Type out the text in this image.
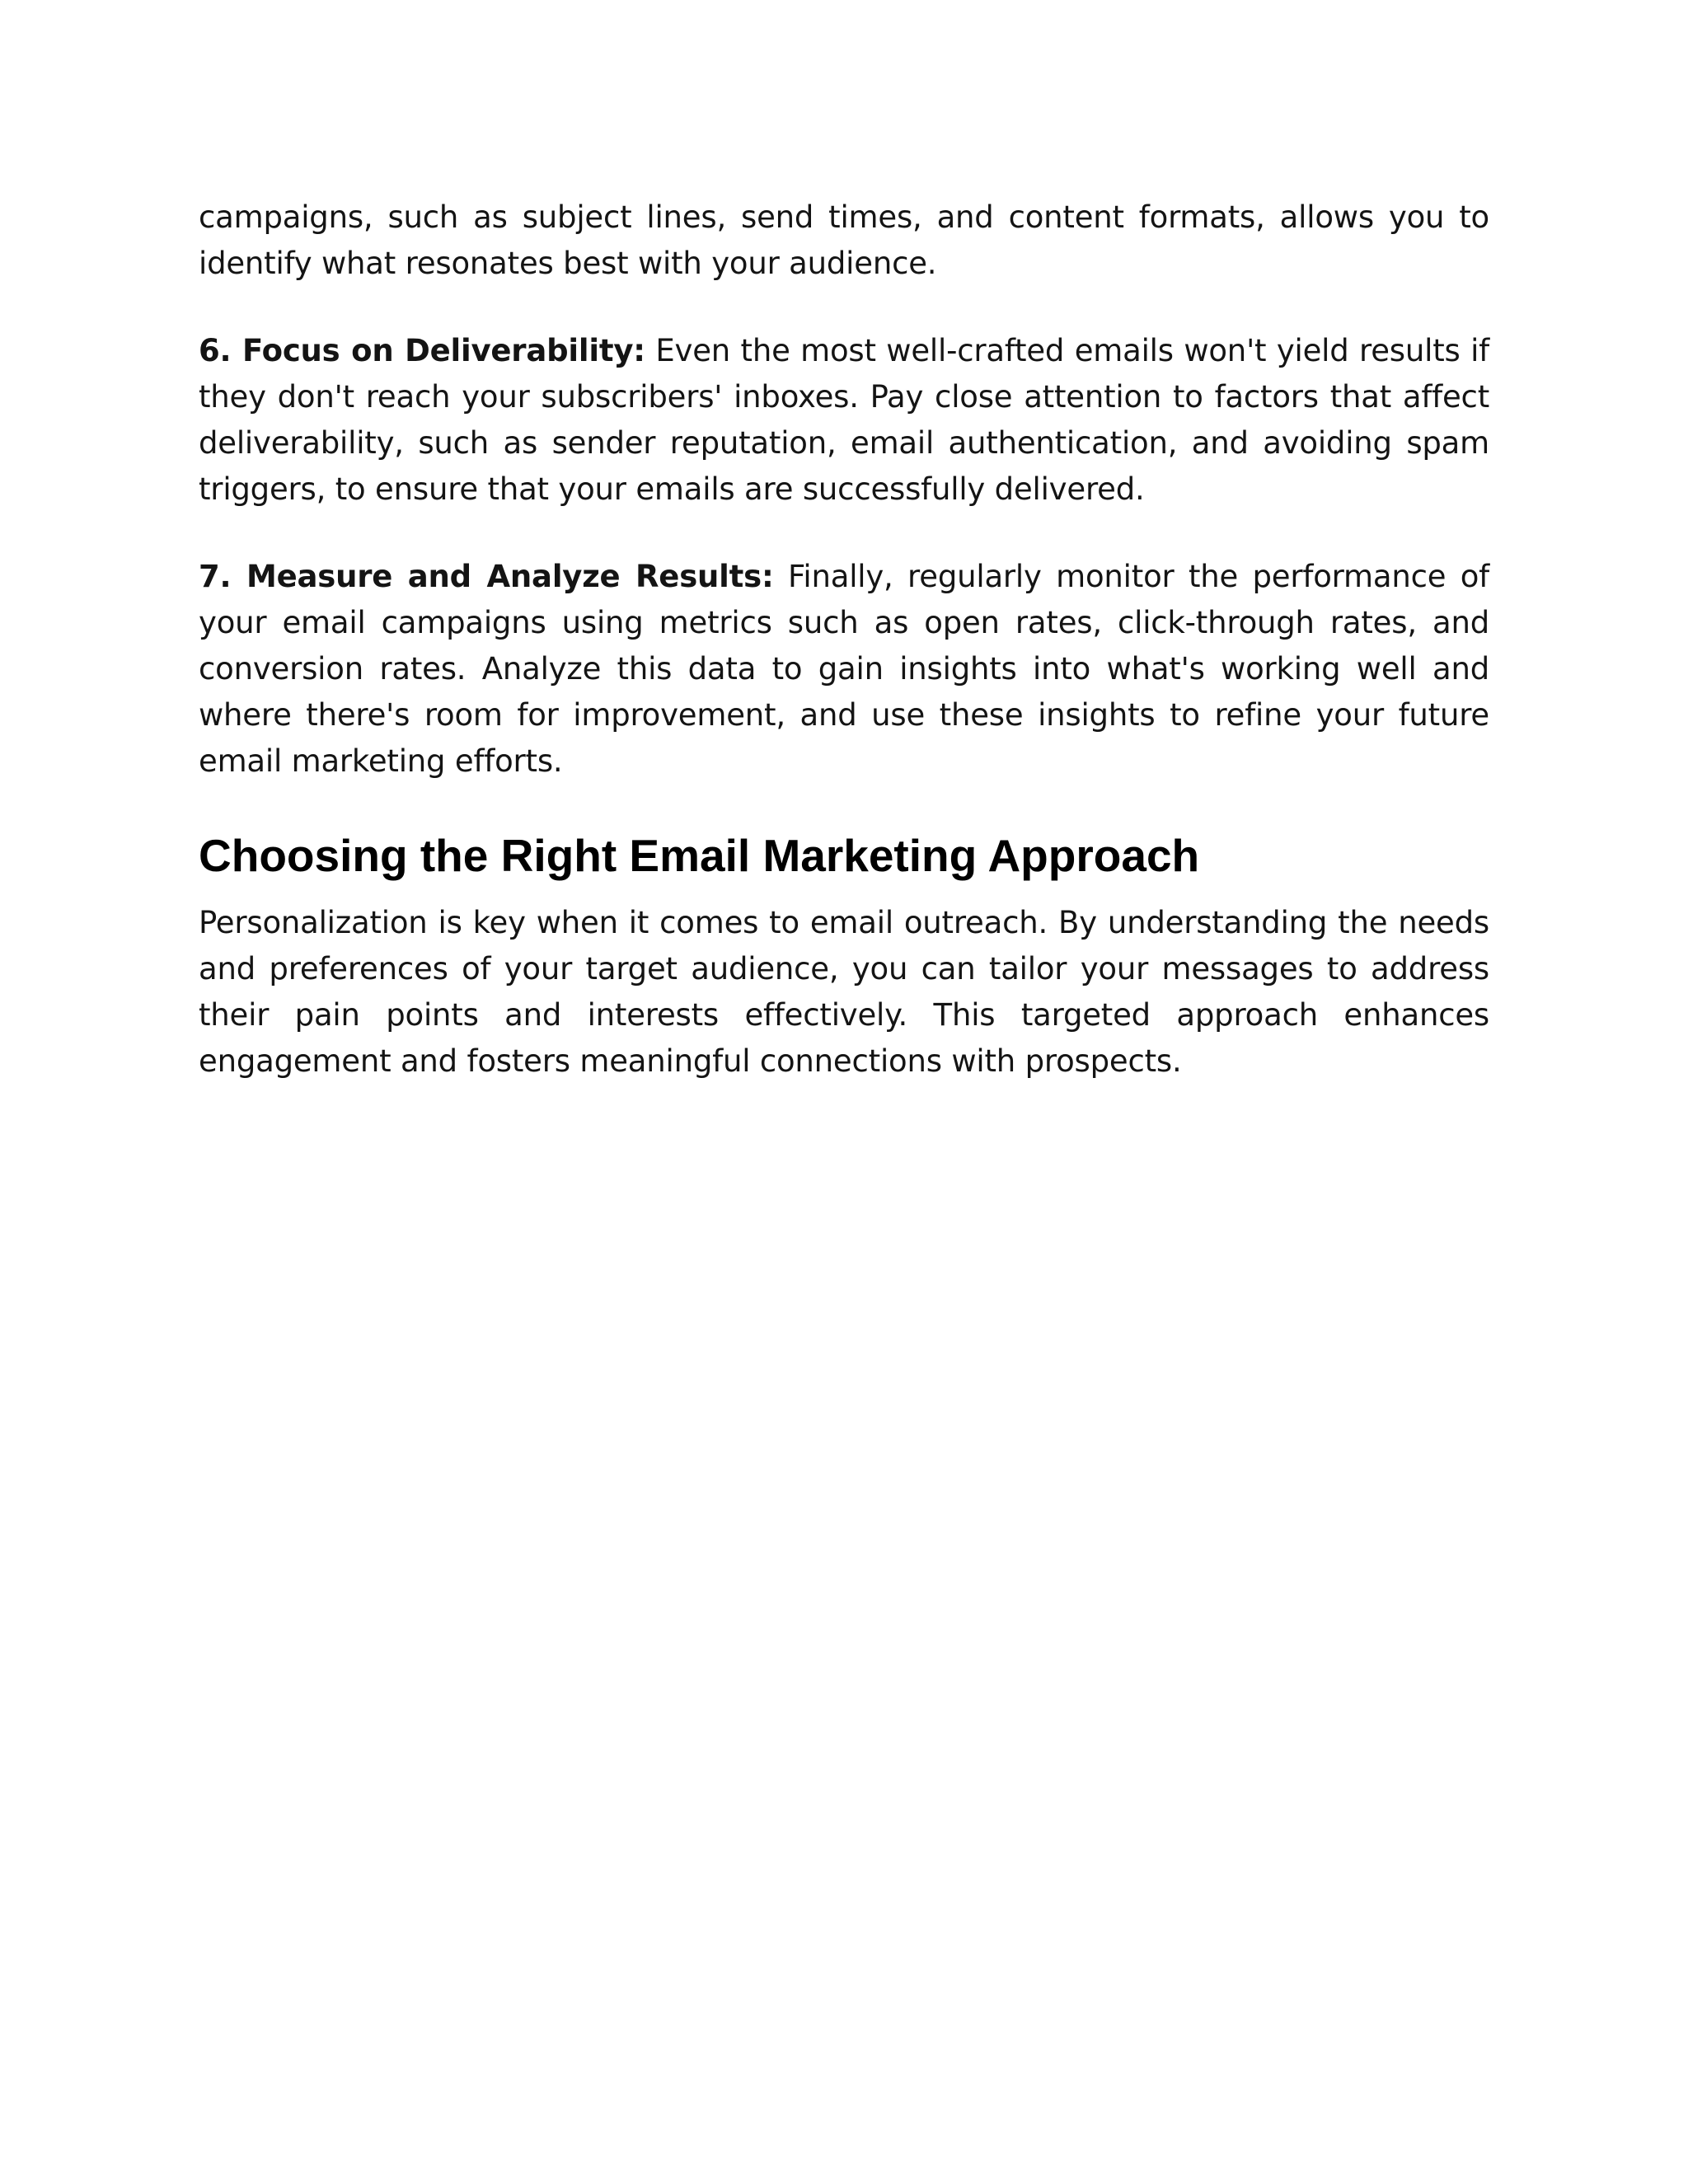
campaigns, such as subject lines, send times, and content formats, allows you to identify what resonates best with your audience.

6. Focus on Deliverability: Even the most well-crafted emails won't yield results if they don't reach your subscribers' inboxes. Pay close attention to factors that affect deliverability, such as sender reputation, email authentication, and avoiding spam triggers, to ensure that your emails are successfully delivered.

7. Measure and Analyze Results: Finally, regularly monitor the performance of your email campaigns using metrics such as open rates, click-through rates, and conversion rates. Analyze this data to gain insights into what's working well and where there's room for improvement, and use these insights to refine your future email marketing efforts.

Choosing the Right Email Marketing Approach

Personalization is key when it comes to email outreach. By understanding the needs and preferences of your target audience, you can tailor your messages to address their pain points and interests effectively. This targeted approach enhances engagement and fosters meaningful connections with prospects.
